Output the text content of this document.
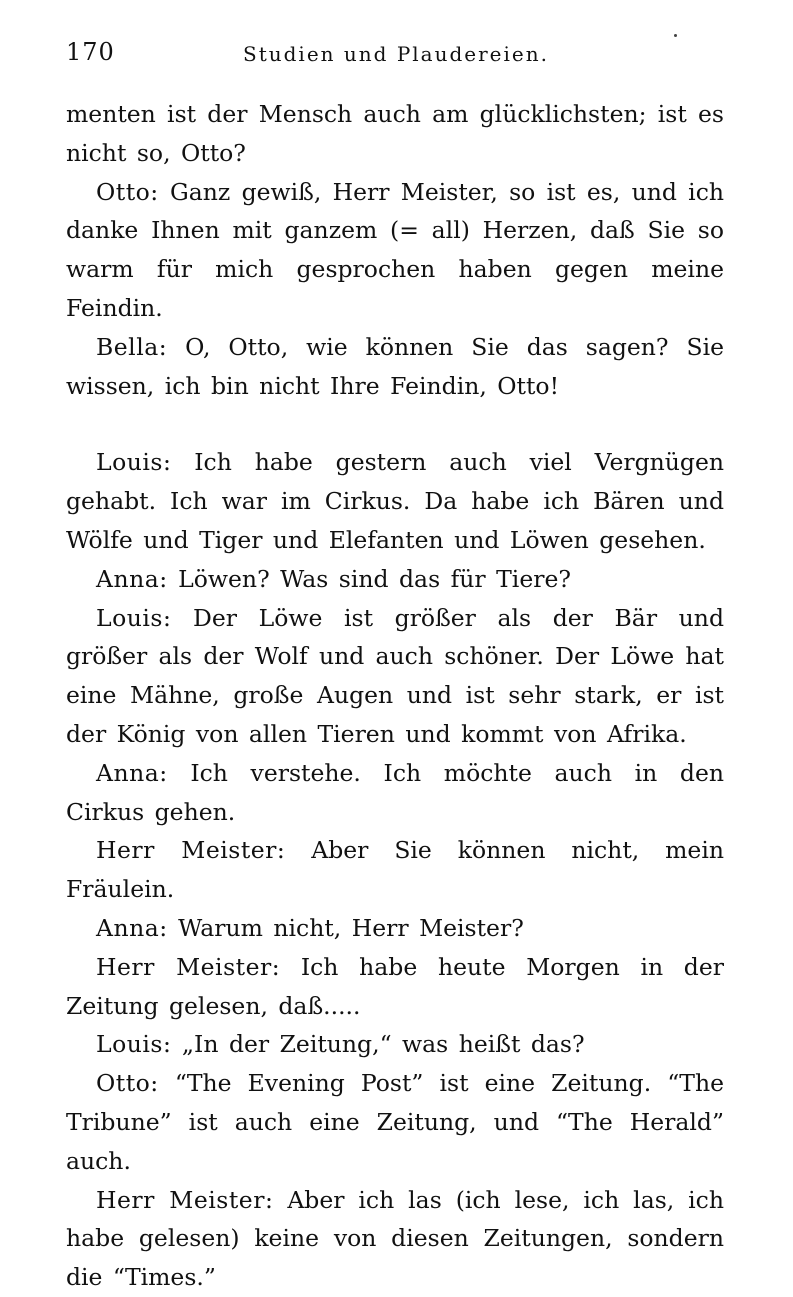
170	Studien und Plaudereien.

menten ist der Mensch auch am glücklichsten; ist es nicht so, Otto?

Otto: Ganz gewiß, Herr Meister, so ist es, und ich danke Ihnen mit ganzem (= all) Herzen, daß Sie so warm für mich gesprochen haben gegen meine Feindin.

Bella: O, Otto, wie können Sie das sagen? Sie wissen, ich bin nicht Ihre Feindin, Otto!

Louis: Ich habe gestern auch viel Vergnügen gehabt. Ich war im Cirkus. Da habe ich Bären und Wölfe und Tiger und Elefanten und Löwen gesehen.

Anna: Löwen? Was sind das für Tiere?

Louis: Der Löwe ist größer als der Bär und größer als der Wolf und auch schöner. Der Löwe hat eine Mähne, große Augen und ist sehr stark, er ist der König von allen Tieren und kommt von Afrika.

Anna: Ich verstehe. Ich möchte auch in den Cirkus gehen.

Herr Meister: Aber Sie können nicht, mein Fräulein.

Anna: Warum nicht, Herr Meister?

Herr Meister: Ich habe heute Morgen in der Zeitung gelesen, daß.....

Louis: „In der Zeitung,“ was heißt das?

Otto: “The Evening Post” ist eine Zeitung. “The Tribune” ist auch eine Zeitung, und “The Herald” auch.

Herr Meister: Aber ich las (ich lese, ich las, ich habe gelesen) keine von diesen Zeitungen, sondern die “Times.”
